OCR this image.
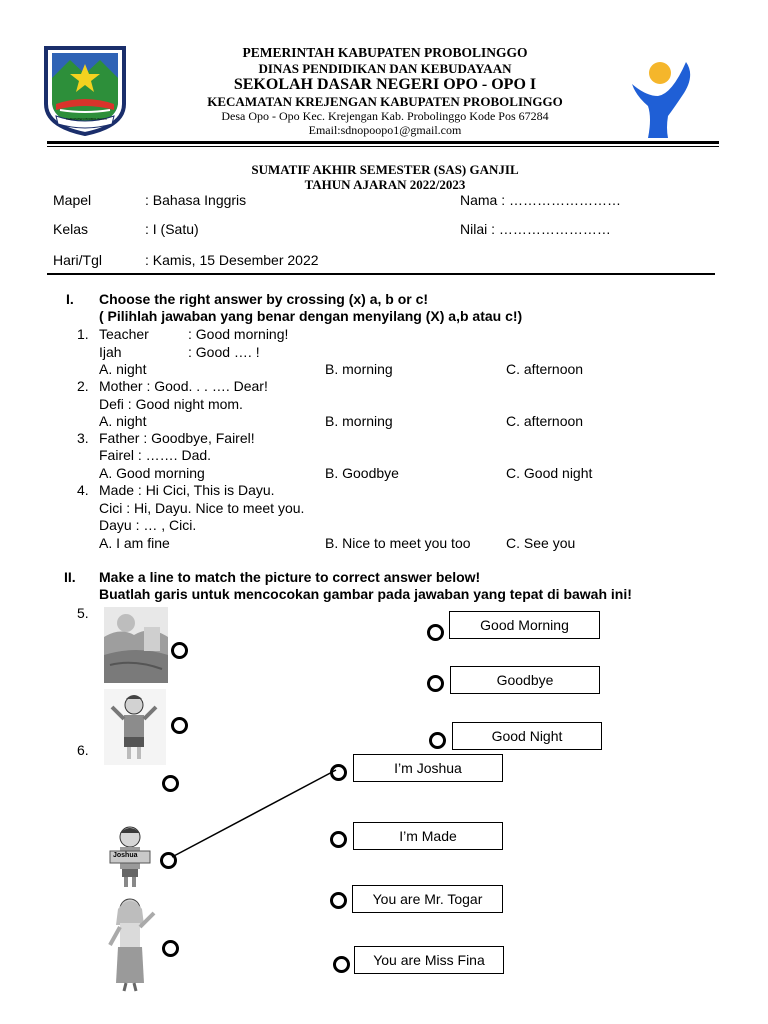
KABUPATEN PROBOLINGGO
PEMERINTAH KABUPATEN PROBOLINGGO
DINAS PENDIDIKAN DAN KEBUDAYAAN
SEKOLAH DASAR NEGERI OPO - OPO I
KECAMATAN KREJENGAN KABUPATEN PROBOLINGGO
Desa Opo - Opo Kec. Krejengan Kab. Probolinggo Kode Pos 67284
Email:sdnopoopo1@gmail.com
SUMATIF AKHIR SEMESTER (SAS) GANJIL
TAHUN AJARAN 2022/2023
Mapel	: Bahasa Inggris	Nama : ……………………
Kelas	: I (Satu)	Nilai : ……………………
Hari/Tgl	: Kamis, 15 Desember 2022
I. Choose the right answer by crossing (x) a, b or c!
( Pilihlah jawaban yang benar dengan menyilang (X) a,b atau c!)
1. Teacher	: Good morning!
Ijah	: Good …. !
A. night	B. morning	C. afternoon
2. Mother : Good. . . …. Dear!
Defi : Good night mom.
A. night	B. morning	C. afternoon
3. Father : Goodbye, Fairel!
Fairel : ……. Dad.
A. Good morning	B. Goodbye	C. Good night
4. Made : Hi Cici, This is Dayu.
Cici : Hi, Dayu. Nice to meet you.
Dayu : … , Cici.
A. I am fine	B. Nice to meet you too	C. See you
II. Make a line to match the picture to correct answer below!
Buatlah garis untuk mencocokan gambar pada jawaban yang tepat di bawah ini!
5.
6.
Joshua
Good Morning
Goodbye
Good Night
I’m Joshua
I’m Made
You are Mr. Togar
You are Miss Fina
